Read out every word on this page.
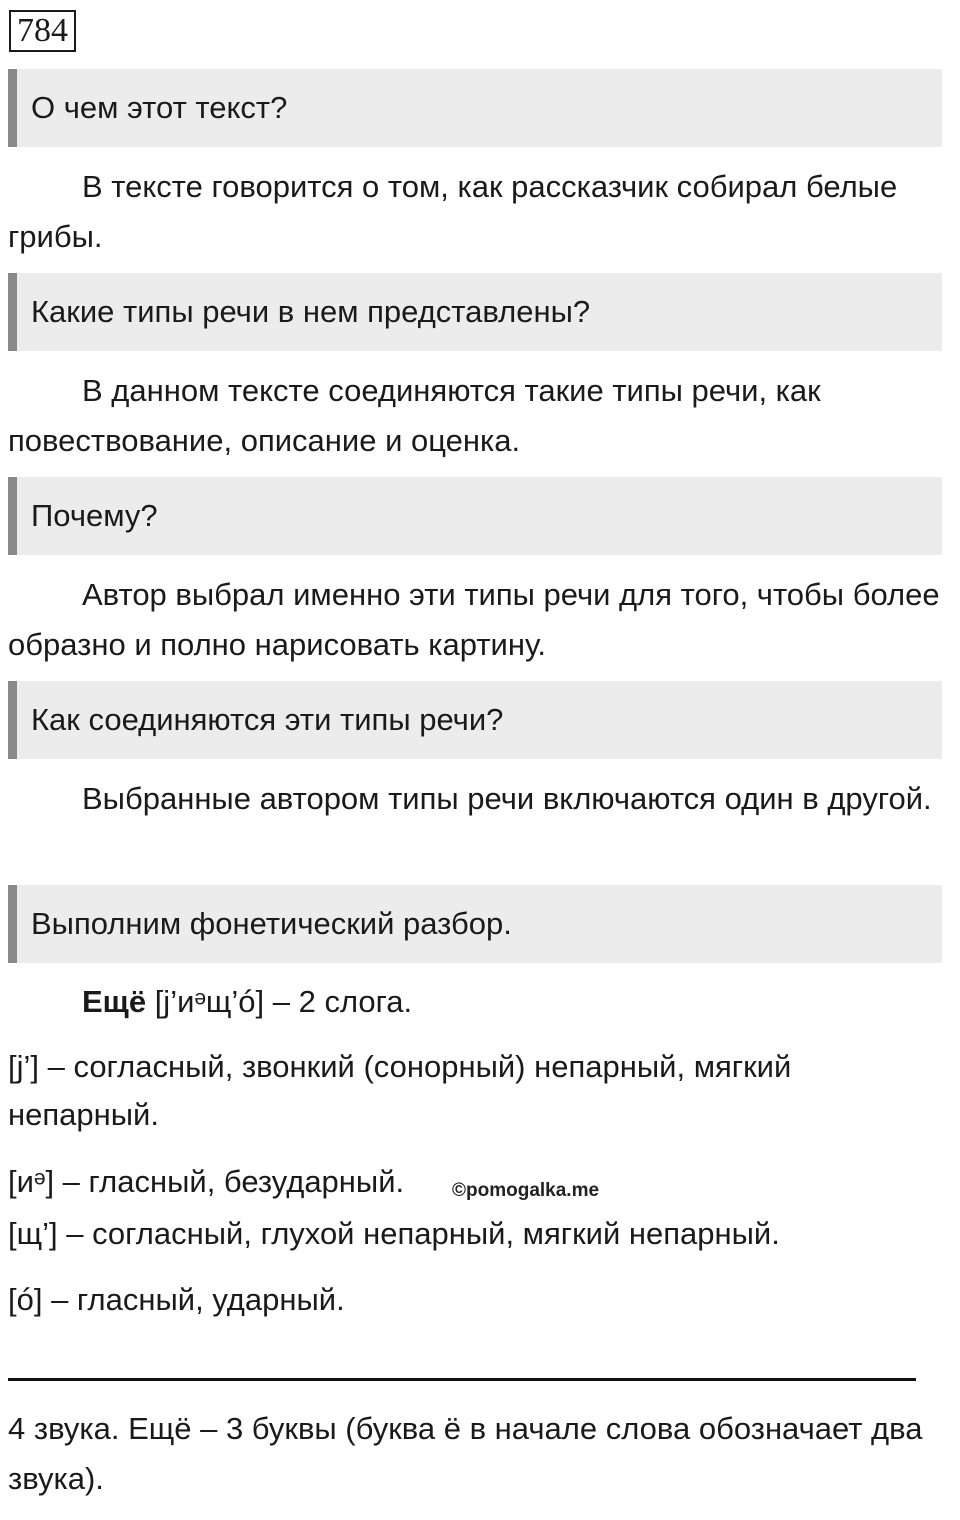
784
О чем этот текст?
В тексте говорится о том, как рассказчик собирал белые грибы.
Какие типы речи в нем представлены?
В данном тексте соединяются такие типы речи, как повествование, описание и оценка.
Почему?
Автор выбрал именно эти типы речи для того, чтобы более образно и полно нарисовать картину.
Как соединяются эти типы речи?
Выбранные автором типы речи включаются один в другой.
Выполним фонетический разбор.
Ещё [j’иᵊщ’ó] – 2 слога.
[j’] – согласный, звонкий (сонорный) непарный, мягкий непарный.
[иᵊ] – гласный, безударный.	©pomogalka.me
[щ’] – согласный, глухой непарный, мягкий непарный.
[ó] – гласный, ударный.
4 звука. Ещё – 3 буквы (буква ё в начале слова обозначает два звука).
